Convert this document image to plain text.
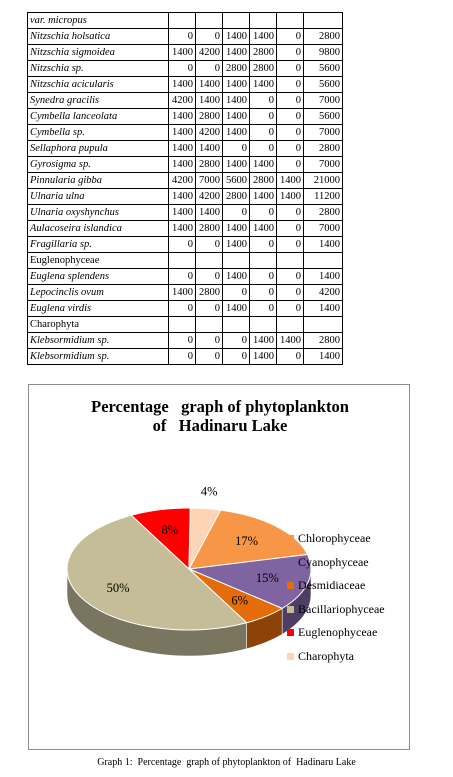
var. micropus						
Nitzschia holsatica	0	0	1400	1400	0	2800
Nitzschia sigmoidea	1400	4200	1400	2800	0	9800
Nitzschia sp.	0	0	2800	2800	0	5600
Nitzschia acicularis	1400	1400	1400	1400	0	5600
Synedra gracilis	4200	1400	1400	0	0	7000
Cymbella lanceolata	1400	2800	1400	0	0	5600
Cymbella sp.	1400	4200	1400	0	0	7000
Sellaphora pupula	1400	1400	0	0	0	2800
Gyrosigma sp.	1400	2800	1400	1400	0	7000
Pinnularia gibba	4200	7000	5600	2800	1400	21000
Ulnaria ulna	1400	4200	2800	1400	1400	11200
Ulnaria oxyshynchus	1400	1400	0	0	0	2800
Aulacoseira islandica	1400	2800	1400	1400	0	7000
Fragillaria sp.	0	0	1400	0	0	1400
Euglenophyceae						
Euglena splendens	0	0	1400	0	0	1400
Lepocinclis ovum	1400	2800	0	0	0	4200
Euglena virdis	0	0	1400	0	0	1400
Charophyta						
Klebsormidium sp.	0	0	0	1400	1400	2800
Klebsormidium sp.	0	0	0	1400	0	1400
Percentage   graph of phytoplankton
of   Hadinaru Lake
17%
15%
6%
50%
8%
4%
Chlorophyceae
Cyanophyceae
Desmidiaceae
Bacillariophyceae
Euglenophyceae
Charophyta
Graph 1:  Percentage  graph of phytoplankton of  Hadinaru Lake
